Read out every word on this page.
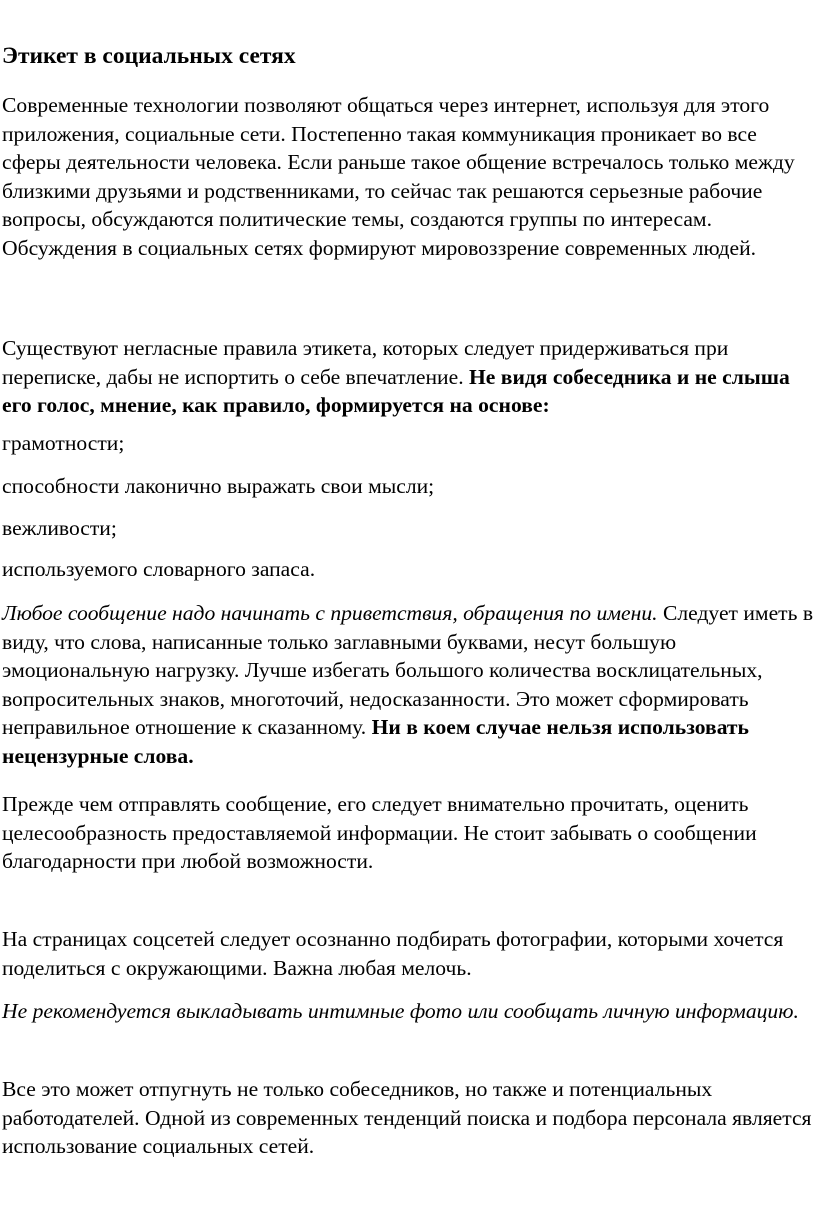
Этикет в социальных сетях

Современные технологии позволяют общаться через интернет, используя для этого приложения, социальные сети. Постепенно такая коммуникация проникает во все сферы деятельности человека. Если раньше такое общение встречалось только между близкими друзьями и родственниками, то сейчас так решаются серьезные рабочие вопросы, обсуждаются политические темы, создаются группы по интересам. Обсуждения в социальных сетях формируют мировоззрение современных людей.

Существуют негласные правила этикета, которых следует придерживаться при переписке, дабы не испортить о себе впечатление. Не видя собеседника и не слыша его голос, мнение, как правило, формируется на основе:

грамотности;

способности лаконично выражать свои мысли;

вежливости;

используемого словарного запаса.

Любое сообщение надо начинать с приветствия, обращения по имени. Следует иметь в виду, что слова, написанные только заглавными буквами, несут большую эмоциональную нагрузку. Лучше избегать большого количества восклицательных, вопросительных знаков, многоточий, недосказанности. Это может сформировать неправильное отношение к сказанному. Ни в коем случае нельзя использовать нецензурные слова.

Прежде чем отправлять сообщение, его следует внимательно прочитать, оценить целесообразность предоставляемой информации. Не стоит забывать о сообщении благодарности при любой возможности.

На страницах соцсетей следует осознанно подбирать фотографии, которыми хочется поделиться с окружающими. Важна любая мелочь.

Не рекомендуется выкладывать интимные фото или сообщать личную информацию.

Все это может отпугнуть не только собеседников, но также и потенциальных работодателей. Одной из современных тенденций поиска и подбора персонала является использование социальных сетей.
